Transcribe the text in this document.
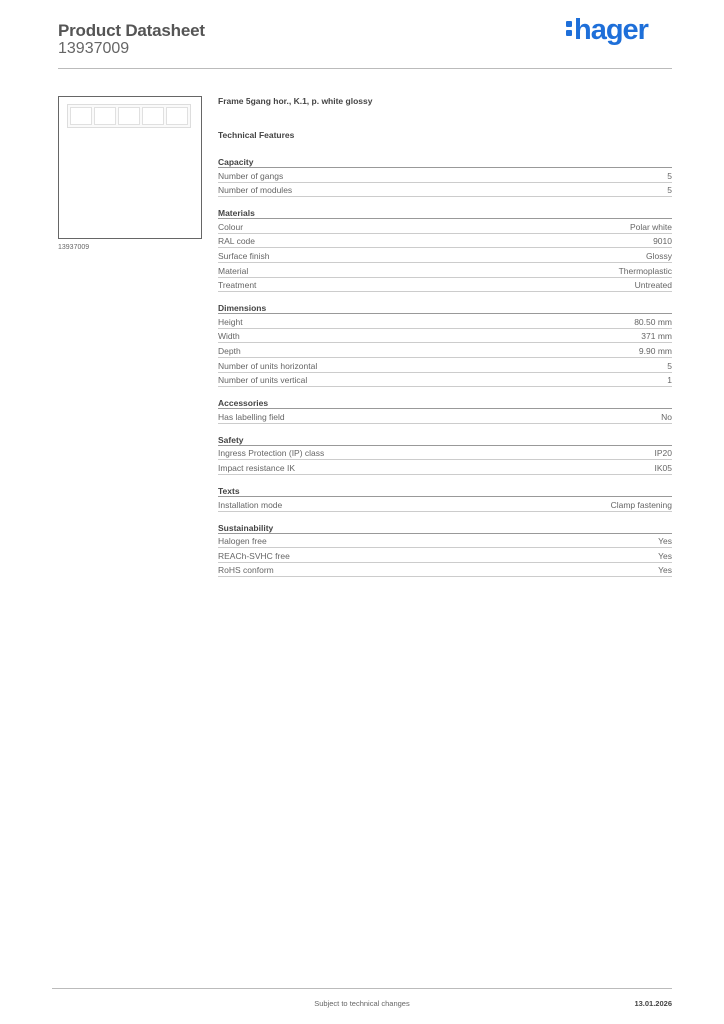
Product Datasheet
13937009
hager
13937009
Frame 5gang hor., K.1, p. white glossy
Technical Features
Capacity
Number of gangs	5
Number of modules	5
Materials
Colour	Polar white
RAL code	9010
Surface finish	Glossy
Material	Thermoplastic
Treatment	Untreated
Dimensions
Height	80.50 mm
Width	371 mm
Depth	9.90 mm
Number of units horizontal	5
Number of units vertical	1
Accessories
Has labelling field	No
Safety
Ingress Protection (IP) class	IP20
Impact resistance IK	IK05
Texts
Installation mode	Clamp fastening
Sustainability
Halogen free	Yes
REACh-SVHC free	Yes
RoHS conform	Yes
Subject to technical changes	13.01.2026
